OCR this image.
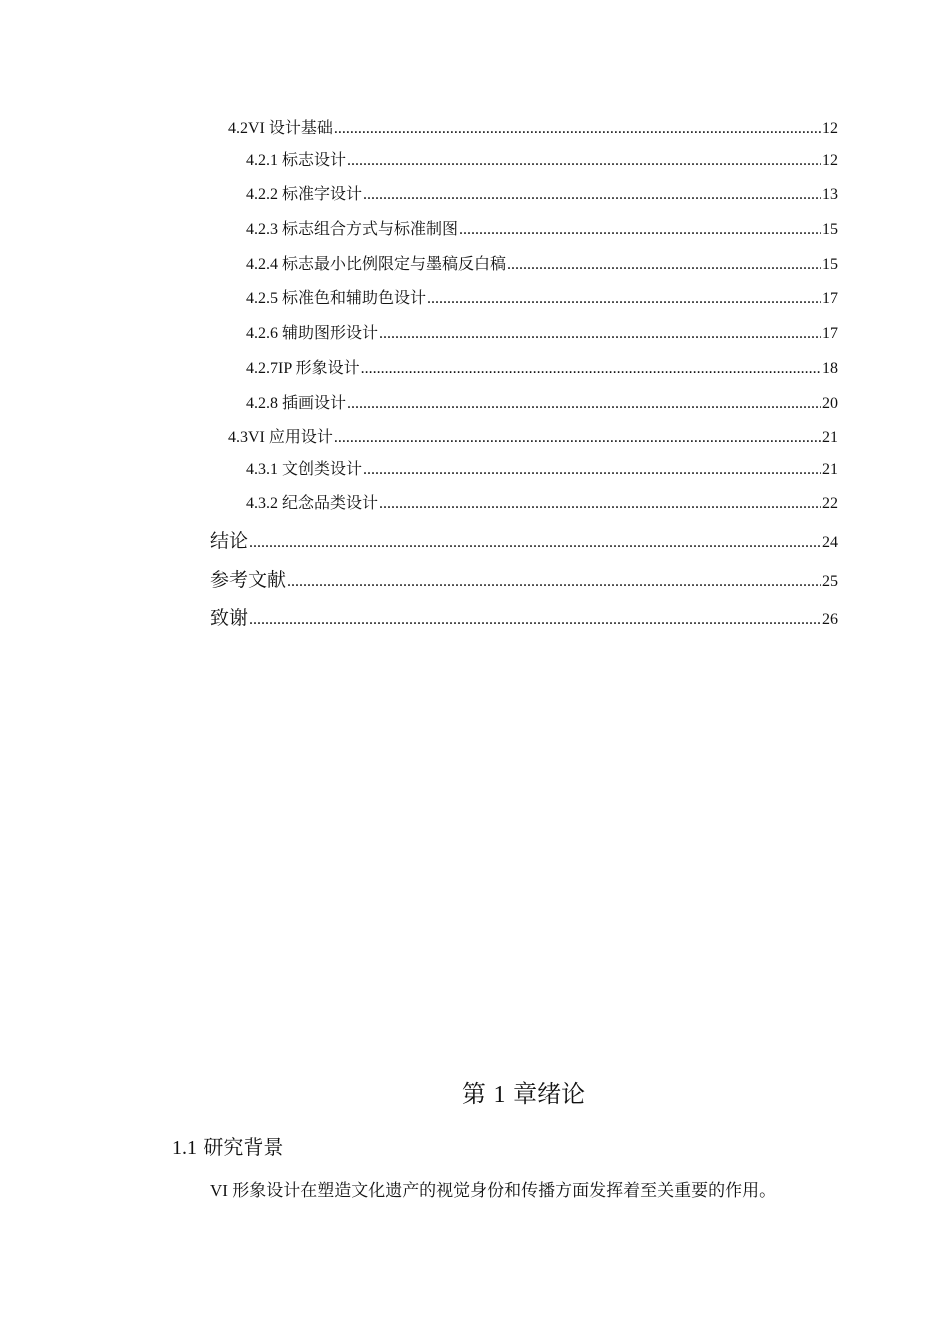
4.2VI 设计基础 .....	12
4.2.1 标志设计 .....	12
4.2.2 标准字设计 .....	13
4.2.3 标志组合方式与标准制图 .....	15
4.2.4 标志最小比例限定与墨稿反白稿 .....	15
4.2.5 标准色和辅助色设计 .....	17
4.2.6 辅助图形设计 .....	17
4.2.7IP 形象设计 .....	18
4.2.8 插画设计 .....	20
4.3VI 应用设计 .....	21
4.3.1 文创类设计 .....	21
4.3.2 纪念品类设计 .....	22
结论 .....	24
参考文献 .....	25
致谢 .....	26
第 1 章绪论
1.1 研究背景
VI 形象设计在塑造文化遗产的视觉身份和传播方面发挥着至关重要的作用。
